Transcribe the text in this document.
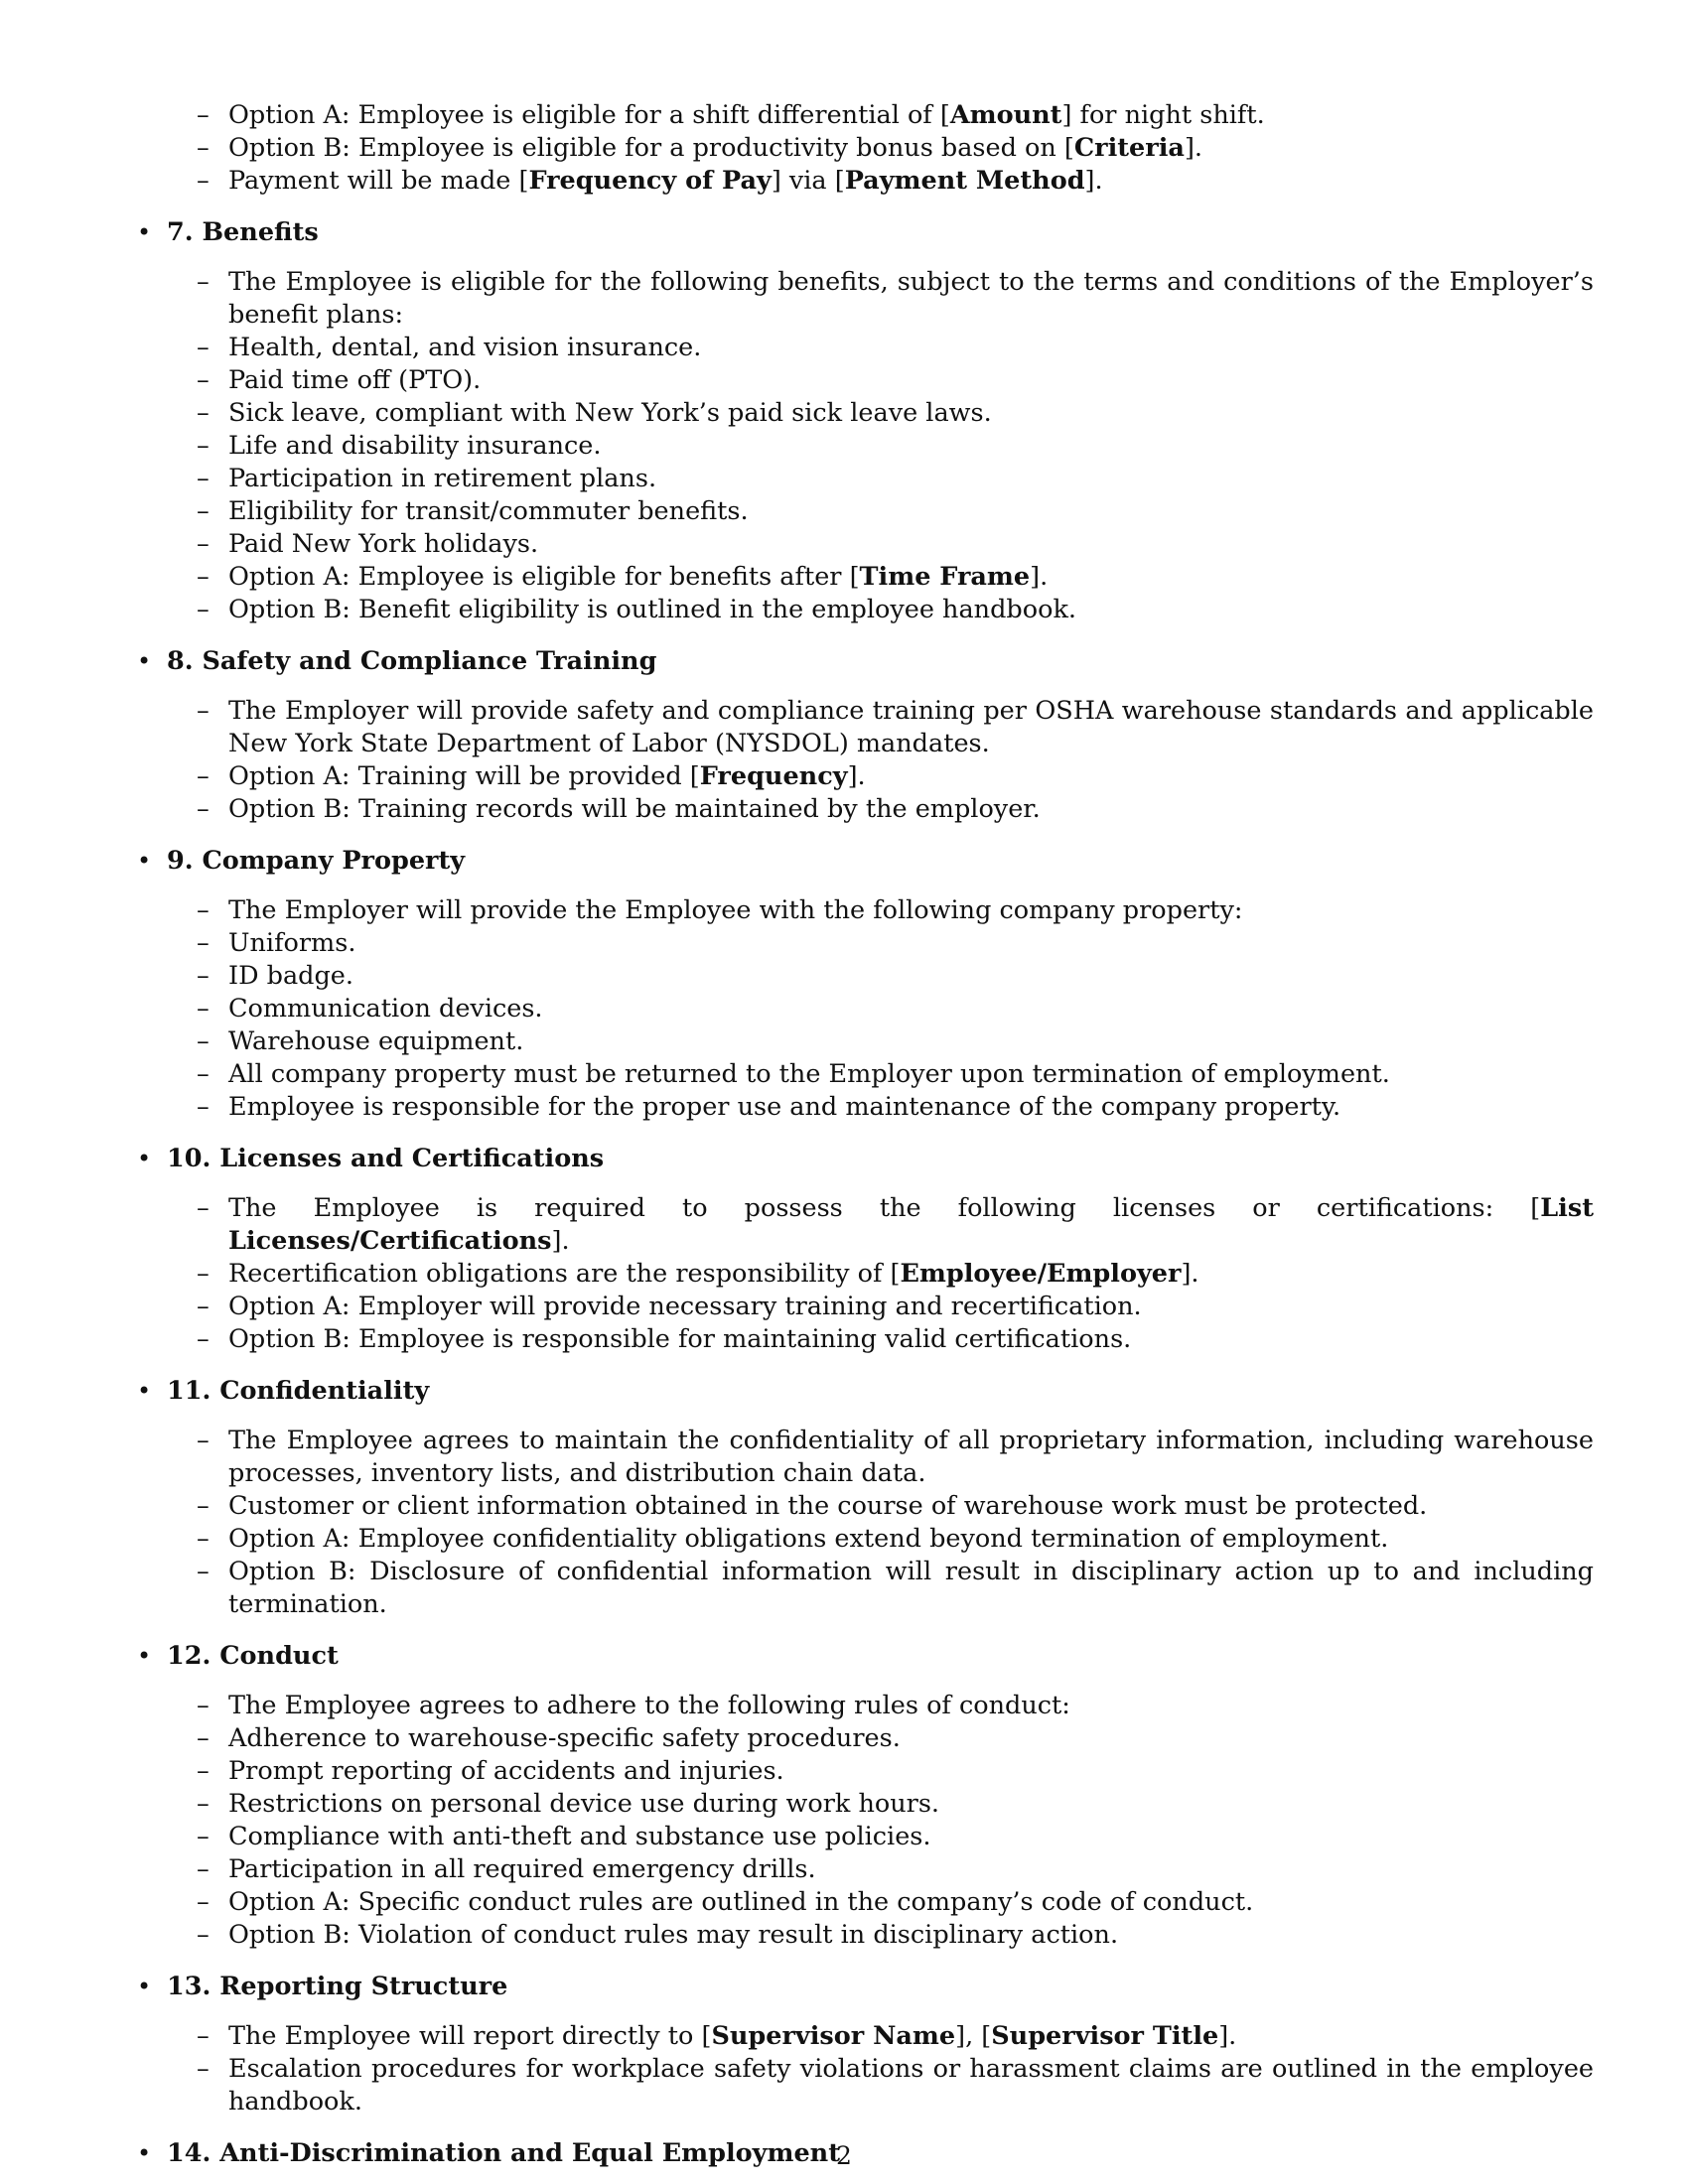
– Option A: Employee is eligible for a shift differential of [Amount] for night shift.
– Option B: Employee is eligible for a productivity bonus based on [Criteria].
– Payment will be made [Frequency of Pay] via [Payment Method].
• 7. Benefits
– The Employee is eligible for the following benefits, subject to the terms and conditions of the Employer’s benefit plans:
– Health, dental, and vision insurance.
– Paid time off (PTO).
– Sick leave, compliant with New York’s paid sick leave laws.
– Life and disability insurance.
– Participation in retirement plans.
– Eligibility for transit/commuter benefits.
– Paid New York holidays.
– Option A: Employee is eligible for benefits after [Time Frame].
– Option B: Benefit eligibility is outlined in the employee handbook.
• 8. Safety and Compliance Training
– The Employer will provide safety and compliance training per OSHA warehouse standards and applicable New York State Department of Labor (NYSDOL) mandates.
– Option A: Training will be provided [Frequency].
– Option B: Training records will be maintained by the employer.
• 9. Company Property
– The Employer will provide the Employee with the following company property:
– Uniforms.
– ID badge.
– Communication devices.
– Warehouse equipment.
– All company property must be returned to the Employer upon termination of employment.
– Employee is responsible for the proper use and maintenance of the company property.
• 10. Licenses and Certifications
– The Employee is required to possess the following licenses or certifications: [List Licenses/Certifications].
– Recertification obligations are the responsibility of [Employee/Employer].
– Option A: Employer will provide necessary training and recertification.
– Option B: Employee is responsible for maintaining valid certifications.
• 11. Confidentiality
– The Employee agrees to maintain the confidentiality of all proprietary information, including warehouse processes, inventory lists, and distribution chain data.
– Customer or client information obtained in the course of warehouse work must be protected.
– Option A: Employee confidentiality obligations extend beyond termination of employment.
– Option B: Disclosure of confidential information will result in disciplinary action up to and including termination.
• 12. Conduct
– The Employee agrees to adhere to the following rules of conduct:
– Adherence to warehouse-specific safety procedures.
– Prompt reporting of accidents and injuries.
– Restrictions on personal device use during work hours.
– Compliance with anti-theft and substance use policies.
– Participation in all required emergency drills.
– Option A: Specific conduct rules are outlined in the company’s code of conduct.
– Option B: Violation of conduct rules may result in disciplinary action.
• 13. Reporting Structure
– The Employee will report directly to [Supervisor Name], [Supervisor Title].
– Escalation procedures for workplace safety violations or harassment claims are outlined in the employee handbook.
• 14. Anti-Discrimination and Equal Employment
2
